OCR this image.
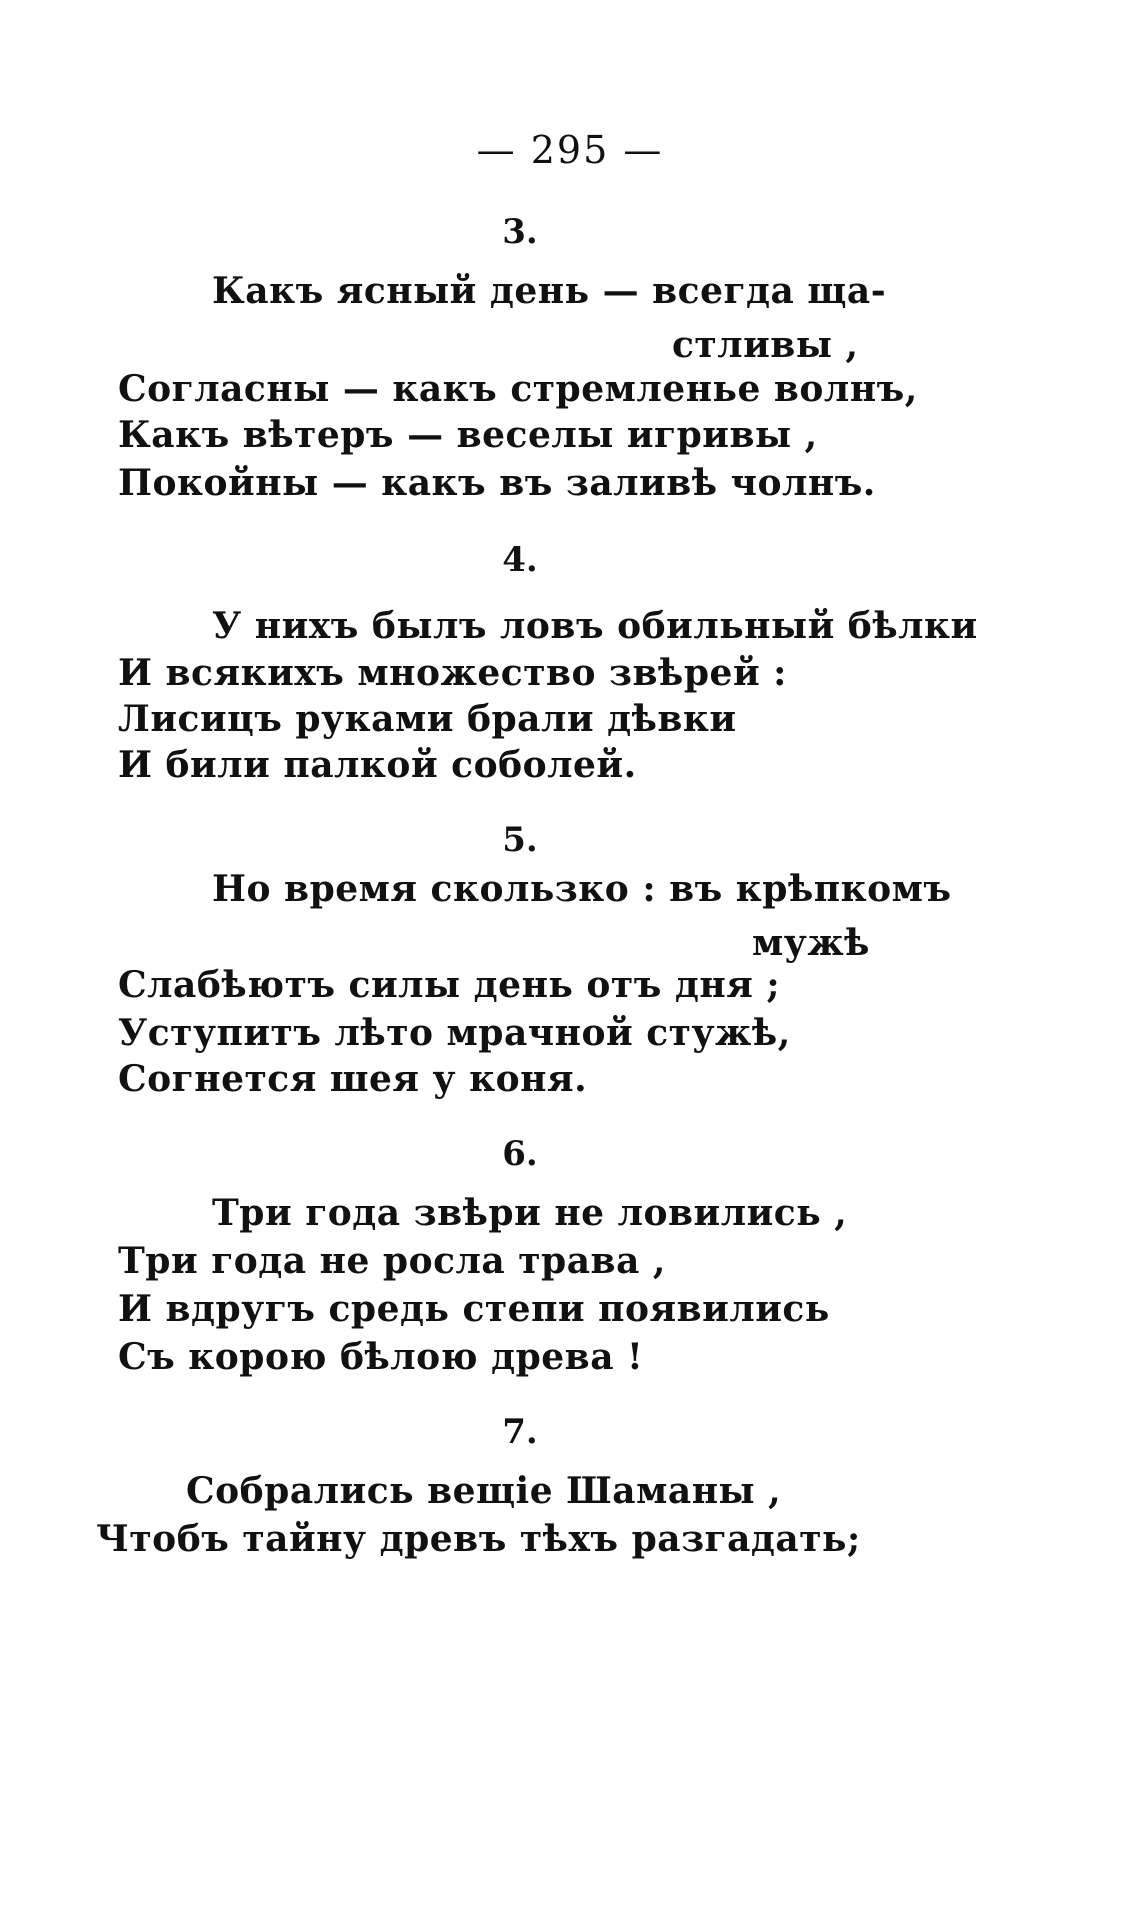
— 295 —
3.
Какъ ясный день — всегда ща-
стливы ,
Согласны — какъ стремленье волнъ,
Какъ вѣтеръ — веселы игривы ,
Покойны — какъ въ заливѣ чолнъ.
4.
У нихъ былъ ловъ обильный бѣлки
И всякихъ множество звѣрей :
Лисицъ руками брали дѣвки
И били палкой соболей.
5.
Но время скользко : въ крѣпкомъ
мужѣ
Слабѣютъ силы день отъ дня ;
Уступитъ лѣто мрачной стужѣ,
Согнется шея у коня.
6.
Три года звѣри не ловились ,
Три года не росла трава ,
И вдругъ средь степи появились
Съ корою бѣлою древа !
7.
Собрались вещіе Шаманы ,
Чтобъ тайну древъ тѣхъ разгадать;
